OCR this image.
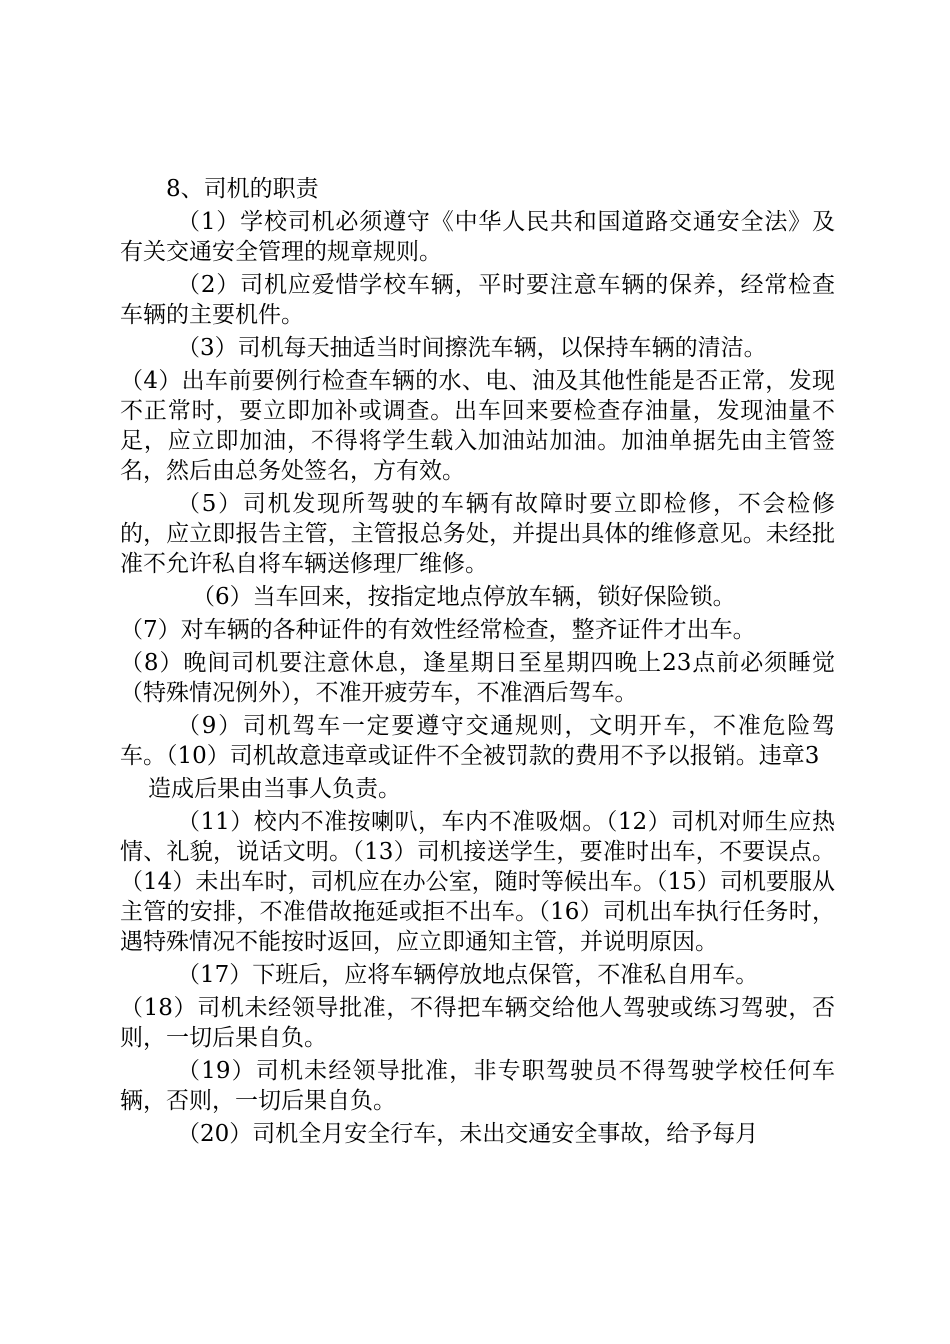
8、司机的职责

（1）学校司机必须遵守《中华人民共和国道路交通安全法》及有关交通安全管理的规章规则。

（2）司机应爱惜学校车辆，平时要注意车辆的保养，经常检查车辆的主要机件。

（3）司机每天抽适当时间擦洗车辆，以保持车辆的清洁。

（4）出车前要例行检查车辆的水、电、油及其他性能是否正常，发现不正常时，要立即加补或调查。出车回来要检查存油量，发现油量不足，应立即加油，不得将学生载入加油站加油。加油单据先由主管签名，然后由总务处签名，方有效。

（5）司机发现所驾驶的车辆有故障时要立即检修，不会检修的，应立即报告主管，主管报总务处，并提出具体的维修意见。未经批准不允许私自将车辆送修理厂维修。

（6）当车回来，按指定地点停放车辆，锁好保险锁。

（7）对车辆的各种证件的有效性经常检查，整齐证件才出车。

（8）晚间司机要注意休息，逢星期日至星期四晚上23点前必须睡觉（特殊情况例外），不准开疲劳车，不准酒后驾车。

（9）司机驾车一定要遵守交通规则，文明开车，不准危险驾车。（10）司机故意违章或证件不全被罚款的费用不予以报销。违章3

造成后果由当事人负责。

（11）校内不准按喇叭，车内不准吸烟。（12）司机对师生应热情、礼貌，说话文明。（13）司机接送学生，要准时出车，不要误点。（14）未出车时，司机应在办公室，随时等候出车。（15）司机要服从主管的安排，不准借故拖延或拒不出车。（16）司机出车执行任务时，遇特殊情况不能按时返回，应立即通知主管，并说明原因。

（17）下班后，应将车辆停放地点保管，不准私自用车。

（18）司机未经领导批准，不得把车辆交给他人驾驶或练习驾驶，否则，一切后果自负。

（19）司机未经领导批准，非专职驾驶员不得驾驶学校任何车辆，否则，一切后果自负。

（20）司机全月安全行车，未出交通安全事故，给予每月
